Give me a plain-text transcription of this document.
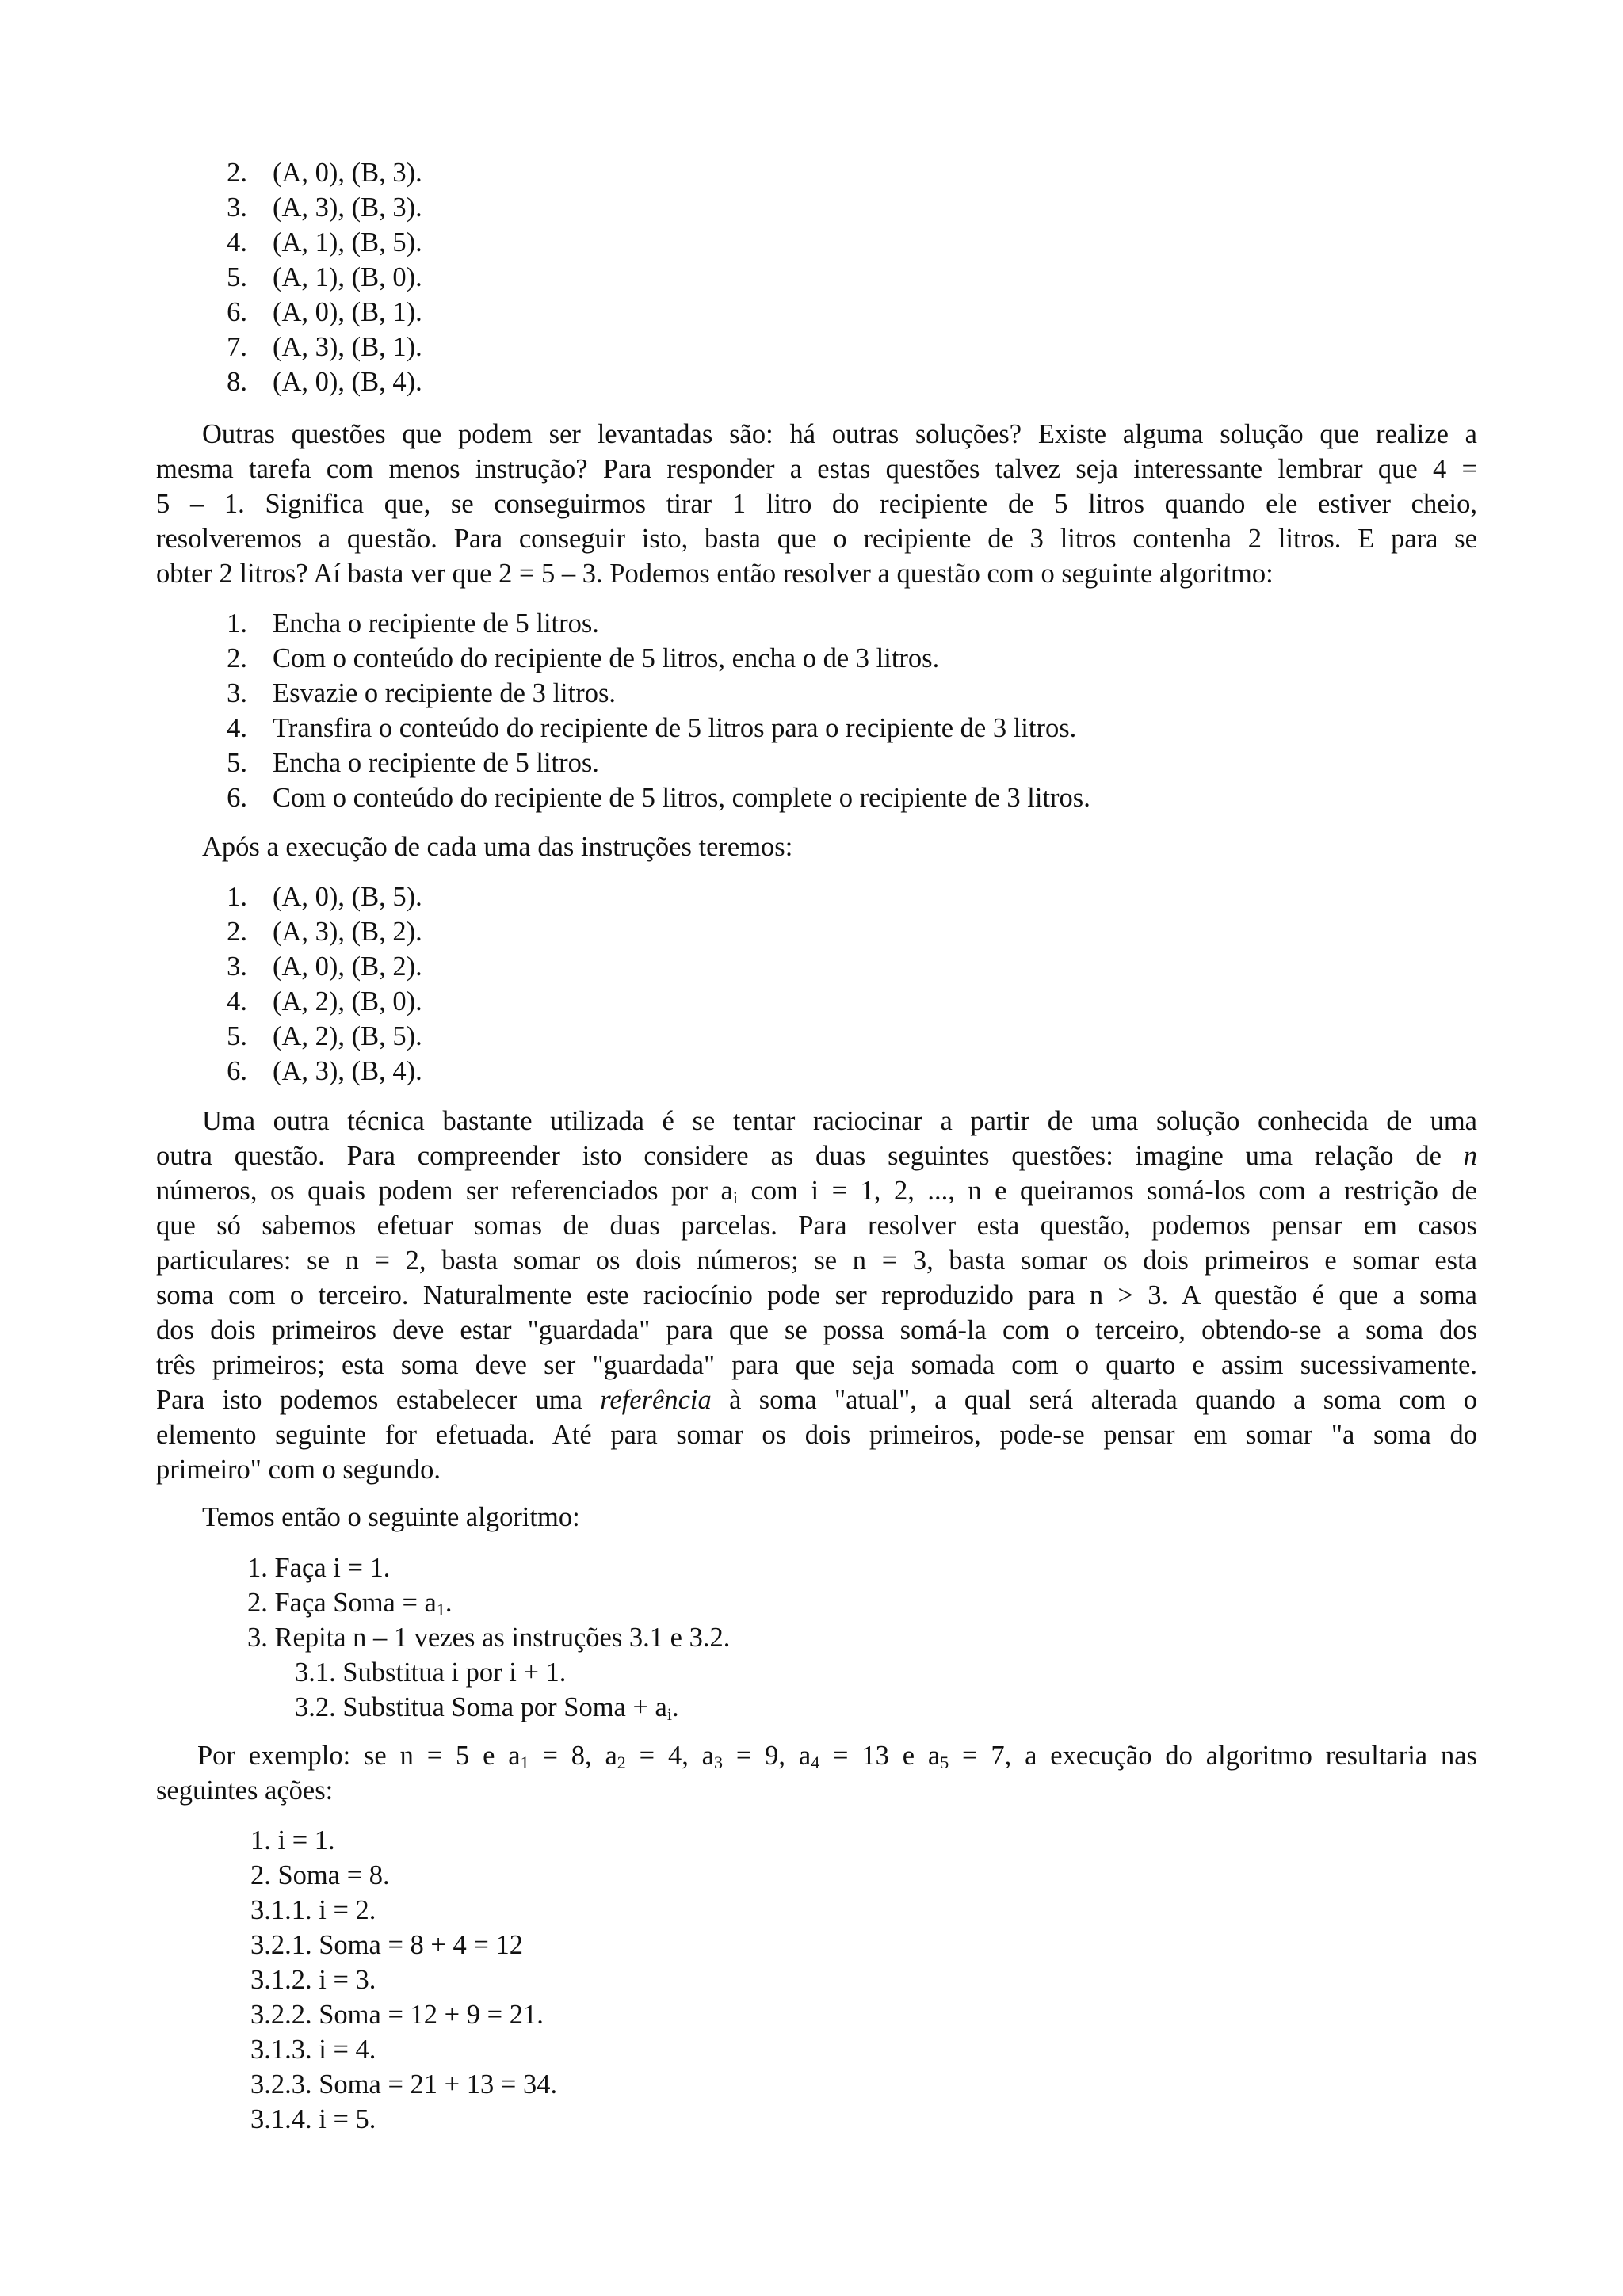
2. (A, 0), (B, 3).
3. (A, 3), (B, 3).
4. (A, 1), (B, 5).
5. (A, 1), (B, 0).
6. (A, 0), (B, 1).
7. (A, 3), (B, 1).
8. (A, 0), (B, 4).
Outras questões que podem ser levantadas são: há outras soluções? Existe alguma solução que realize a
mesma tarefa com menos instrução? Para responder a estas questões talvez seja interessante lembrar que 4 =
5 – 1. Significa que, se conseguirmos tirar 1 litro do recipiente de 5 litros quando ele estiver cheio,
resolveremos a questão. Para conseguir isto, basta que o recipiente de 3 litros contenha 2 litros. E para se
obter 2 litros? Aí basta ver que 2 = 5 – 3. Podemos então resolver a questão com o seguinte algoritmo:
1. Encha o recipiente de 5 litros.
2. Com o conteúdo do recipiente de 5 litros, encha o de 3 litros.
3. Esvazie o recipiente de 3 litros.
4. Transfira o conteúdo do recipiente de 5 litros para o recipiente de 3 litros.
5. Encha o recipiente de 5 litros.
6. Com o conteúdo do recipiente de 5 litros, complete o recipiente de 3 litros.

Após a execução de cada uma das instruções teremos:

1. (A, 0), (B, 5).
2. (A, 3), (B, 2).
3. (A, 0), (B, 2).
4. (A, 2), (B, 0).
5. (A, 2), (B, 5).
6. (A, 3), (B, 4).
Uma outra técnica bastante utilizada é se tentar raciocinar a partir de uma solução conhecida de uma
outra questão. Para compreender isto considere as duas seguintes questões: imagine uma relação de n
números, os quais podem ser referenciados por $a_i$ com i = 1, 2, ..., n e queiramos somá-los com a restrição de
que só sabemos efetuar somas de duas parcelas. Para resolver esta questão, podemos pensar em casos
particulares: se n = 2, basta somar os dois números; se n = 3, basta somar os dois primeiros e somar esta
soma com o terceiro. Naturalmente este raciocínio pode ser reproduzido para n > 3. A questão é que a soma
dos dois primeiros deve estar "guardada" para que se possa somá-la com o terceiro, obtendo-se a soma dos
três primeiros; esta soma deve ser "guardada" para que seja somada com o quarto e assim sucessivamente.
Para isto podemos estabelecer uma referência à soma "atual", a qual será alterada quando a soma com o
elemento seguinte for efetuada. Até para somar os dois primeiros, pode-se pensar em somar "a soma do
primeiro" com o segundo.

Temos então o seguinte algoritmo:

1. Faça i = 1.
2. Faça Soma = $a_1$.
3. Repita n – 1 vezes as instruções 3.1 e 3.2.
3.1. Substitua i por i + 1.
3.2. Substitua Soma por Soma + $a_i$.
Por exemplo: se n = 5 e $a_1 = 8$, $a_2 = 4$, $a_3 = 9$, $a_4 = 13$ e $a_5 = 7$, a execução do algoritmo resultaria nas
seguintes ações:
1. i = 1.
2. Soma = 8.
3.1.1. i = 2.
3.2.1. Soma = 8 + 4 = 12
3.1.2. i = 3.
3.2.2. Soma = 12 + 9 = 21.
3.1.3. i = 4.
3.2.3. Soma = 21 + 13 = 34.
3.1.4. i = 5.
